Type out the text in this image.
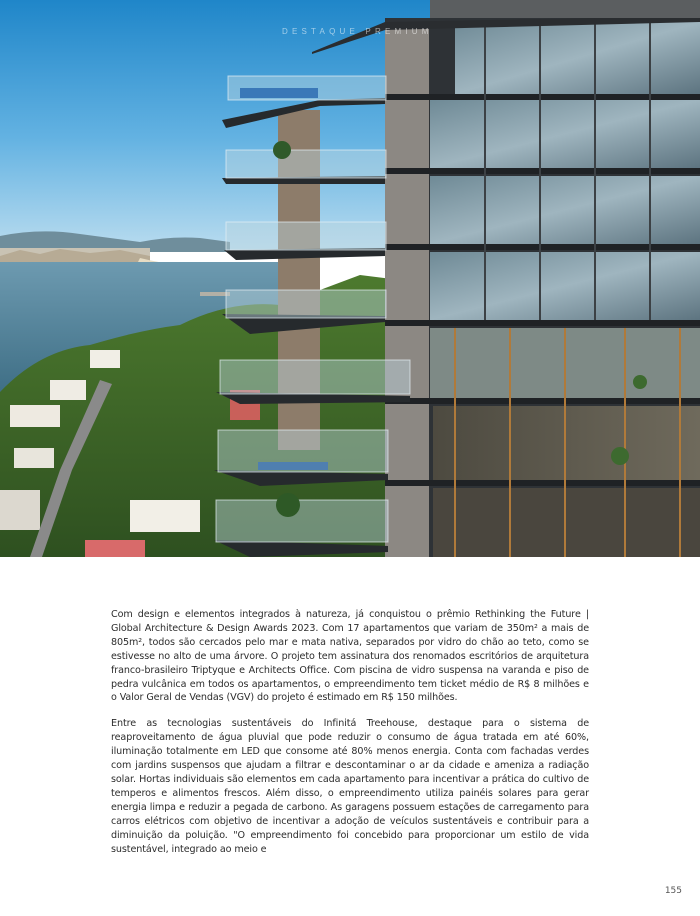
DESTAQUE PREMIUM

Com design e elementos integrados à natureza, já conquistou o prêmio Rethinking the Future | Global Architecture & Design Awards 2023. Com 17 apartamentos que variam de 350m² a mais de 805m², todos são cercados pelo mar e mata nativa, separados por vidro do chão ao teto, como se estivesse no alto de uma árvore. O projeto tem assinatura dos renomados escritórios de arquitetura franco-brasileiro Triptyque e Architects Office. Com piscina de vidro suspensa na varanda e piso de pedra vulcânica em todos os apartamentos, o empreendimento tem ticket médio de R$ 8 milhões e o Valor Geral de Vendas (VGV) do projeto é estimado em R$ 150 milhões.

Entre as tecnologias sustentáveis do Infinitá Treehouse, destaque para o sistema de reaproveitamento de água pluvial que pode reduzir o consumo de água tratada em até 60%, iluminação totalmente em LED que consome até 80% menos energia. Conta com fachadas verdes com jardins suspensos que ajudam a filtrar e descontaminar o ar da cidade e ameniza a radiação solar. Hortas individuais são elementos em cada apartamento para incentivar a prática do cultivo de temperos e alimentos frescos. Além disso, o empreendimento utiliza painéis solares para gerar energia limpa e reduzir a pegada de carbono. As garagens possuem estações de carregamento para carros elétricos com objetivo de incentivar a adoção de veículos sustentáveis e contribuir para a diminuição da poluição. "O empreendimento foi concebido para proporcionar um estilo de vida sustentável, integrado ao meio e

155
